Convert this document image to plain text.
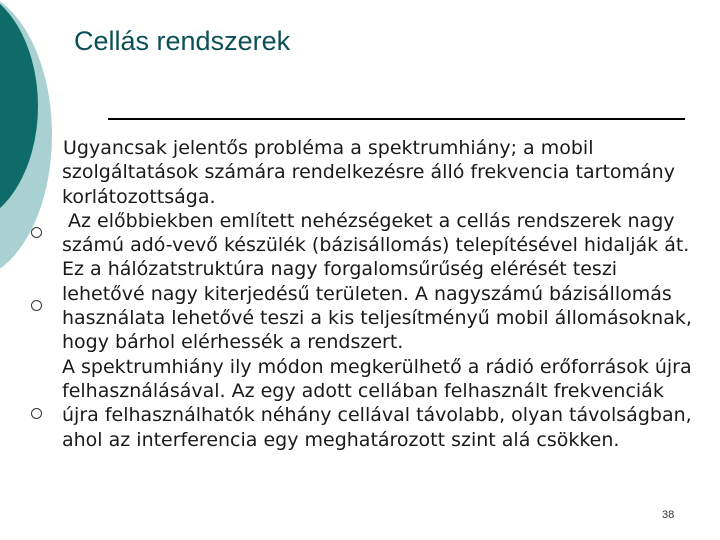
Cellás rendszerek

Ugyancsak jelentős probléma a spektrumhiány; a mobil szolgáltatások számára rendelkezésre álló frekvencia tartomány korlátozottsága.

Az előbbiekben említett nehézségeket a cellás rendszerek nagy számú adó-vevő készülék (bázisállomás) telepítésével hidalják át.

Ez a hálózatstruktúra nagy forgalomsűrűség elérését teszi lehetővé nagy kiterjedésű területen. A nagyszámú bázisállomás használata lehetővé teszi a kis teljesítményű mobil állomásoknak, hogy bárhol elérhessék a rendszert.

A spektrumhiány ily módon megkerülhető a rádió erőforrások újra felhasználásával. Az egy adott cellában felhasznált frekvenciák újra felhasználhatók néhány cellával távolabb, olyan távolságban, ahol az interferencia egy meghatározott szint alá csökken.

38
